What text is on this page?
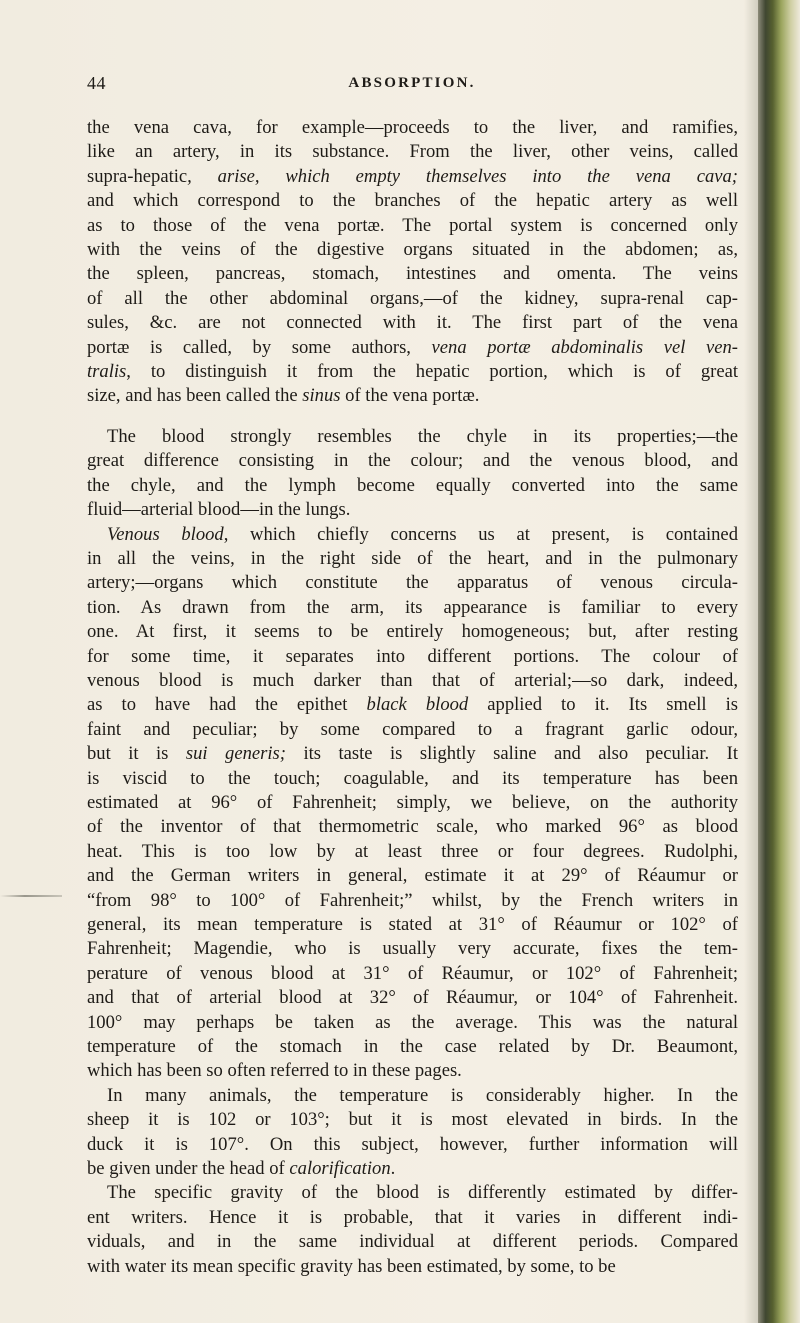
44	ABSORPTION.

the vena cava, for example—proceeds to the liver, and ramifies,

like an artery, in its substance. From the liver, other veins, called

supra-hepatic, arise, which empty themselves into the vena cava;

and which correspond to the branches of the hepatic artery as well

as to those of the vena portæ. The portal system is concerned only

with the veins of the digestive organs situated in the abdomen; as,

the spleen, pancreas, stomach, intestines and omenta. The veins

of all the other abdominal organs,—of the kidney, supra-renal cap-

sules, &c. are not connected with it. The first part of the vena

portæ is called, by some authors, vena portæ abdominalis vel ven-

tralis, to distinguish it from the hepatic portion, which is of great

size, and has been called the sinus of the vena portæ.

The blood strongly resembles the chyle in its properties;—the

great difference consisting in the colour; and the venous blood, and

the chyle, and the lymph become equally converted into the same

fluid—arterial blood—in the lungs.

Venous blood, which chiefly concerns us at present, is contained

in all the veins, in the right side of the heart, and in the pulmonary

artery;—organs which constitute the apparatus of venous circula-

tion. As drawn from the arm, its appearance is familiar to every

one. At first, it seems to be entirely homogeneous; but, after resting

for some time, it separates into different portions. The colour of

venous blood is much darker than that of arterial;—so dark, indeed,

as to have had the epithet black blood applied to it. Its smell is

faint and peculiar; by some compared to a fragrant garlic odour,

but it is sui generis; its taste is slightly saline and also peculiar. It

is viscid to the touch; coagulable, and its temperature has been

estimated at 96° of Fahrenheit; simply, we believe, on the authority

of the inventor of that thermometric scale, who marked 96° as blood

heat. This is too low by at least three or four degrees. Rudolphi,

and the German writers in general, estimate it at 29° of Réaumur or

“from 98° to 100° of Fahrenheit;” whilst, by the French writers in

general, its mean temperature is stated at 31° of Réaumur or 102° of

Fahrenheit; Magendie, who is usually very accurate, fixes the tem-

perature of venous blood at 31° of Réaumur, or 102° of Fahrenheit;

and that of arterial blood at 32° of Réaumur, or 104° of Fahrenheit.

100° may perhaps be taken as the average. This was the natural

temperature of the stomach in the case related by Dr. Beaumont,

which has been so often referred to in these pages.

In many animals, the temperature is considerably higher. In the

sheep it is 102 or 103°; but it is most elevated in birds. In the

duck it is 107°. On this subject, however, further information will

be given under the head of calorification.

The specific gravity of the blood is differently estimated by differ-

ent writers. Hence it is probable, that it varies in different indi-

viduals, and in the same individual at different periods. Compared

with water its mean specific gravity has been estimated, by some, to be
